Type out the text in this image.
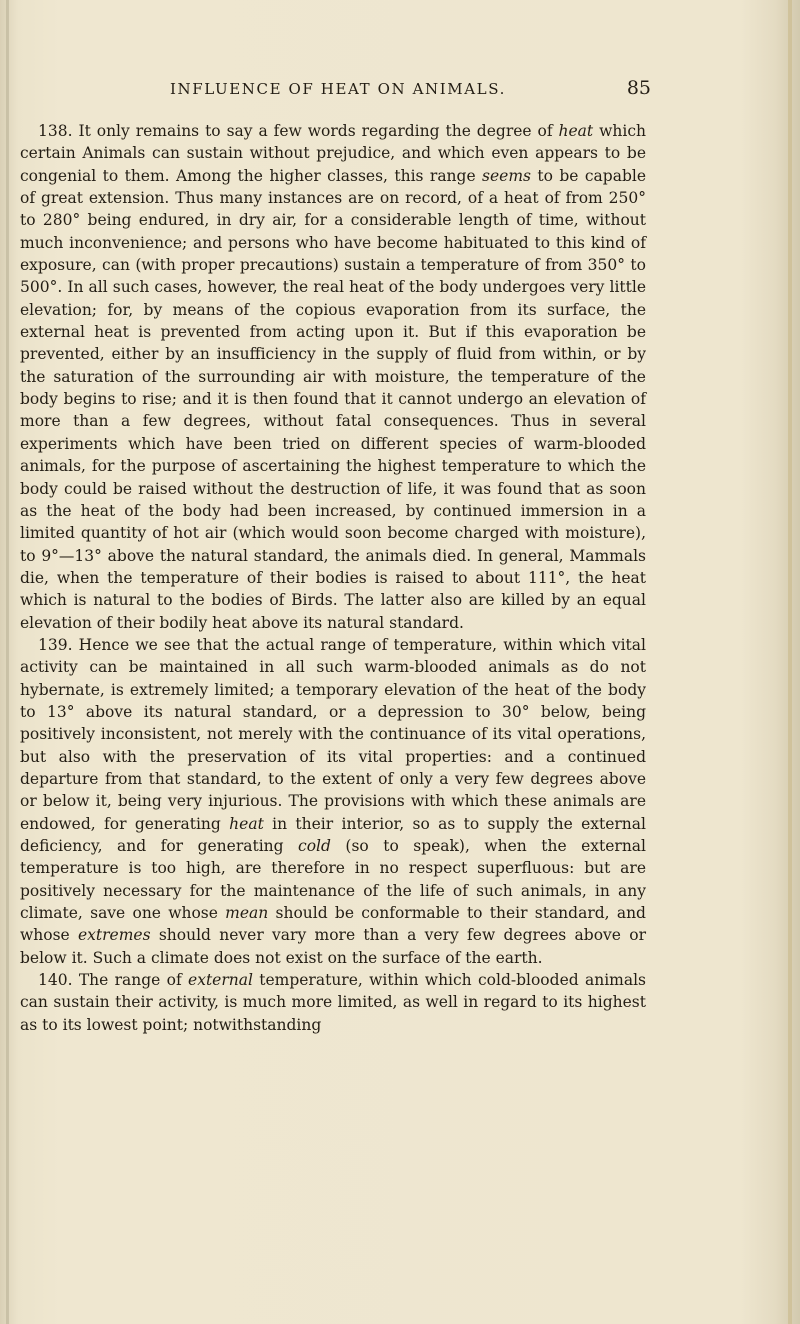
INFLUENCE OF HEAT ON ANIMALS.	85

138. It only remains to say a few words regarding the degree of heat which certain Animals can sustain without prejudice, and which even appears to be congenial to them. Among the higher classes, this range seems to be capable of great extension. Thus many instances are on record, of a heat of from 250° to 280° being endured, in dry air, for a considerable length of time, without much inconvenience; and persons who have become habituated to this kind of exposure, can (with proper precautions) sustain a temperature of from 350° to 500°. In all such cases, however, the real heat of the body undergoes very little elevation; for, by means of the copious evaporation from its surface, the external heat is prevented from acting upon it. But if this evaporation be prevented, either by an insufficiency in the supply of fluid from within, or by the saturation of the surrounding air with moisture, the temperature of the body begins to rise; and it is then found that it cannot undergo an elevation of more than a few degrees, without fatal consequences. Thus in several experiments which have been tried on different species of warm-blooded animals, for the purpose of ascertaining the highest temperature to which the body could be raised without the destruction of life, it was found that as soon as the heat of the body had been increased, by continued immersion in a limited quantity of hot air (which would soon become charged with moisture), to 9°—13° above the natural standard, the animals died. In general, Mammals die, when the temperature of their bodies is raised to about 111°, the heat which is natural to the bodies of Birds. The latter also are killed by an equal elevation of their bodily heat above its natural standard.

139. Hence we see that the actual range of temperature, within which vital activity can be maintained in all such warm-blooded animals as do not hybernate, is extremely limited; a temporary elevation of the heat of the body to 13° above its natural standard, or a depression to 30° below, being positively inconsistent, not merely with the continuance of its vital operations, but also with the preservation of its vital properties: and a continued departure from that standard, to the extent of only a very few degrees above or below it, being very injurious. The provisions with which these animals are endowed, for generating heat in their interior, so as to supply the external deficiency, and for generating cold (so to speak), when the external temperature is too high, are therefore in no respect superfluous: but are positively necessary for the maintenance of the life of such animals, in any climate, save one whose mean should be conformable to their standard, and whose extremes should never vary more than a very few degrees above or below it. Such a climate does not exist on the surface of the earth.

140. The range of external temperature, within which cold-blooded animals can sustain their activity, is much more limited, as well in regard to its highest as to its lowest point; notwithstanding
